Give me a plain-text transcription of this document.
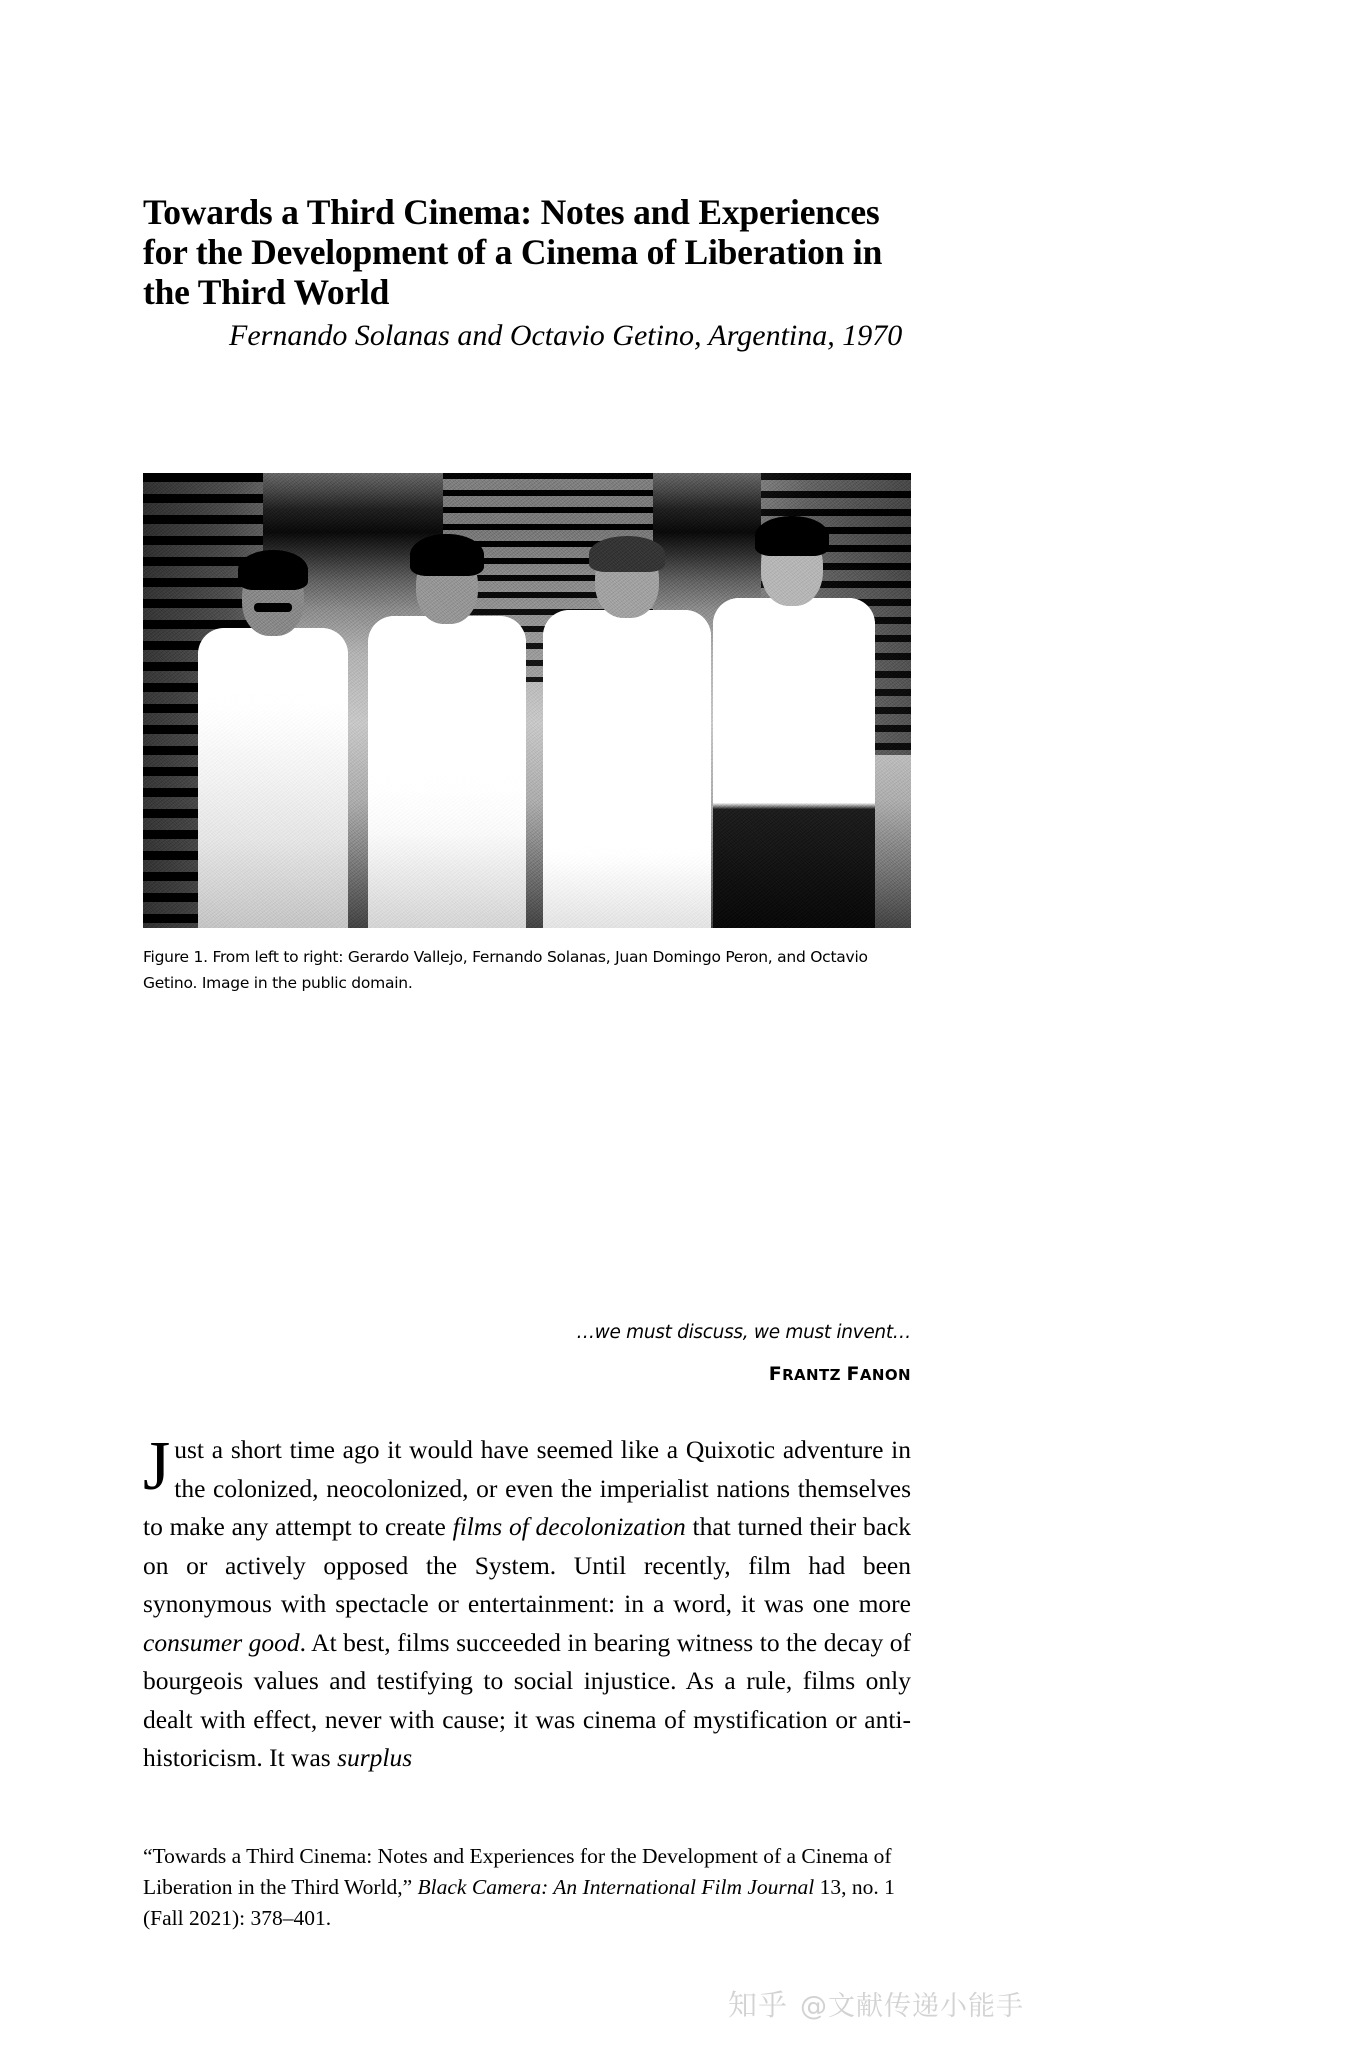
Towards a Third Cinema: Notes and Experiences for the Development of a Cinema of Liberation in the Third World
Fernando Solanas and Octavio Getino, Argentina, 1970
Figure 1. From left to right: Gerardo Vallejo, Fernando Solanas, Juan Domingo Peron, and Octavio Getino. Image in the public domain.
…we must discuss, we must invent…
FRANTZ FANON

Just a short time ago it would have seemed like a Quixotic adventure in the colonized, neocolonized, or even the imperialist nations themselves to make any attempt to create films of decolonization that turned their back on or actively opposed the System. Until recently, film had been synonymous with spectacle or entertainment: in a word, it was one more consumer good. At best, films succeeded in bearing witness to the decay of bourgeois values and testifying to social injustice. As a rule, films only dealt with effect, never with cause; it was cinema of mystification or anti-historicism. It was surplus

“Towards a Third Cinema: Notes and Experiences for the Development of a Cinema of Liberation in the Third World,” Black Camera: An International Film Journal 13, no. 1 (Fall 2021): 378–401.
知乎 @文献传递小能手
